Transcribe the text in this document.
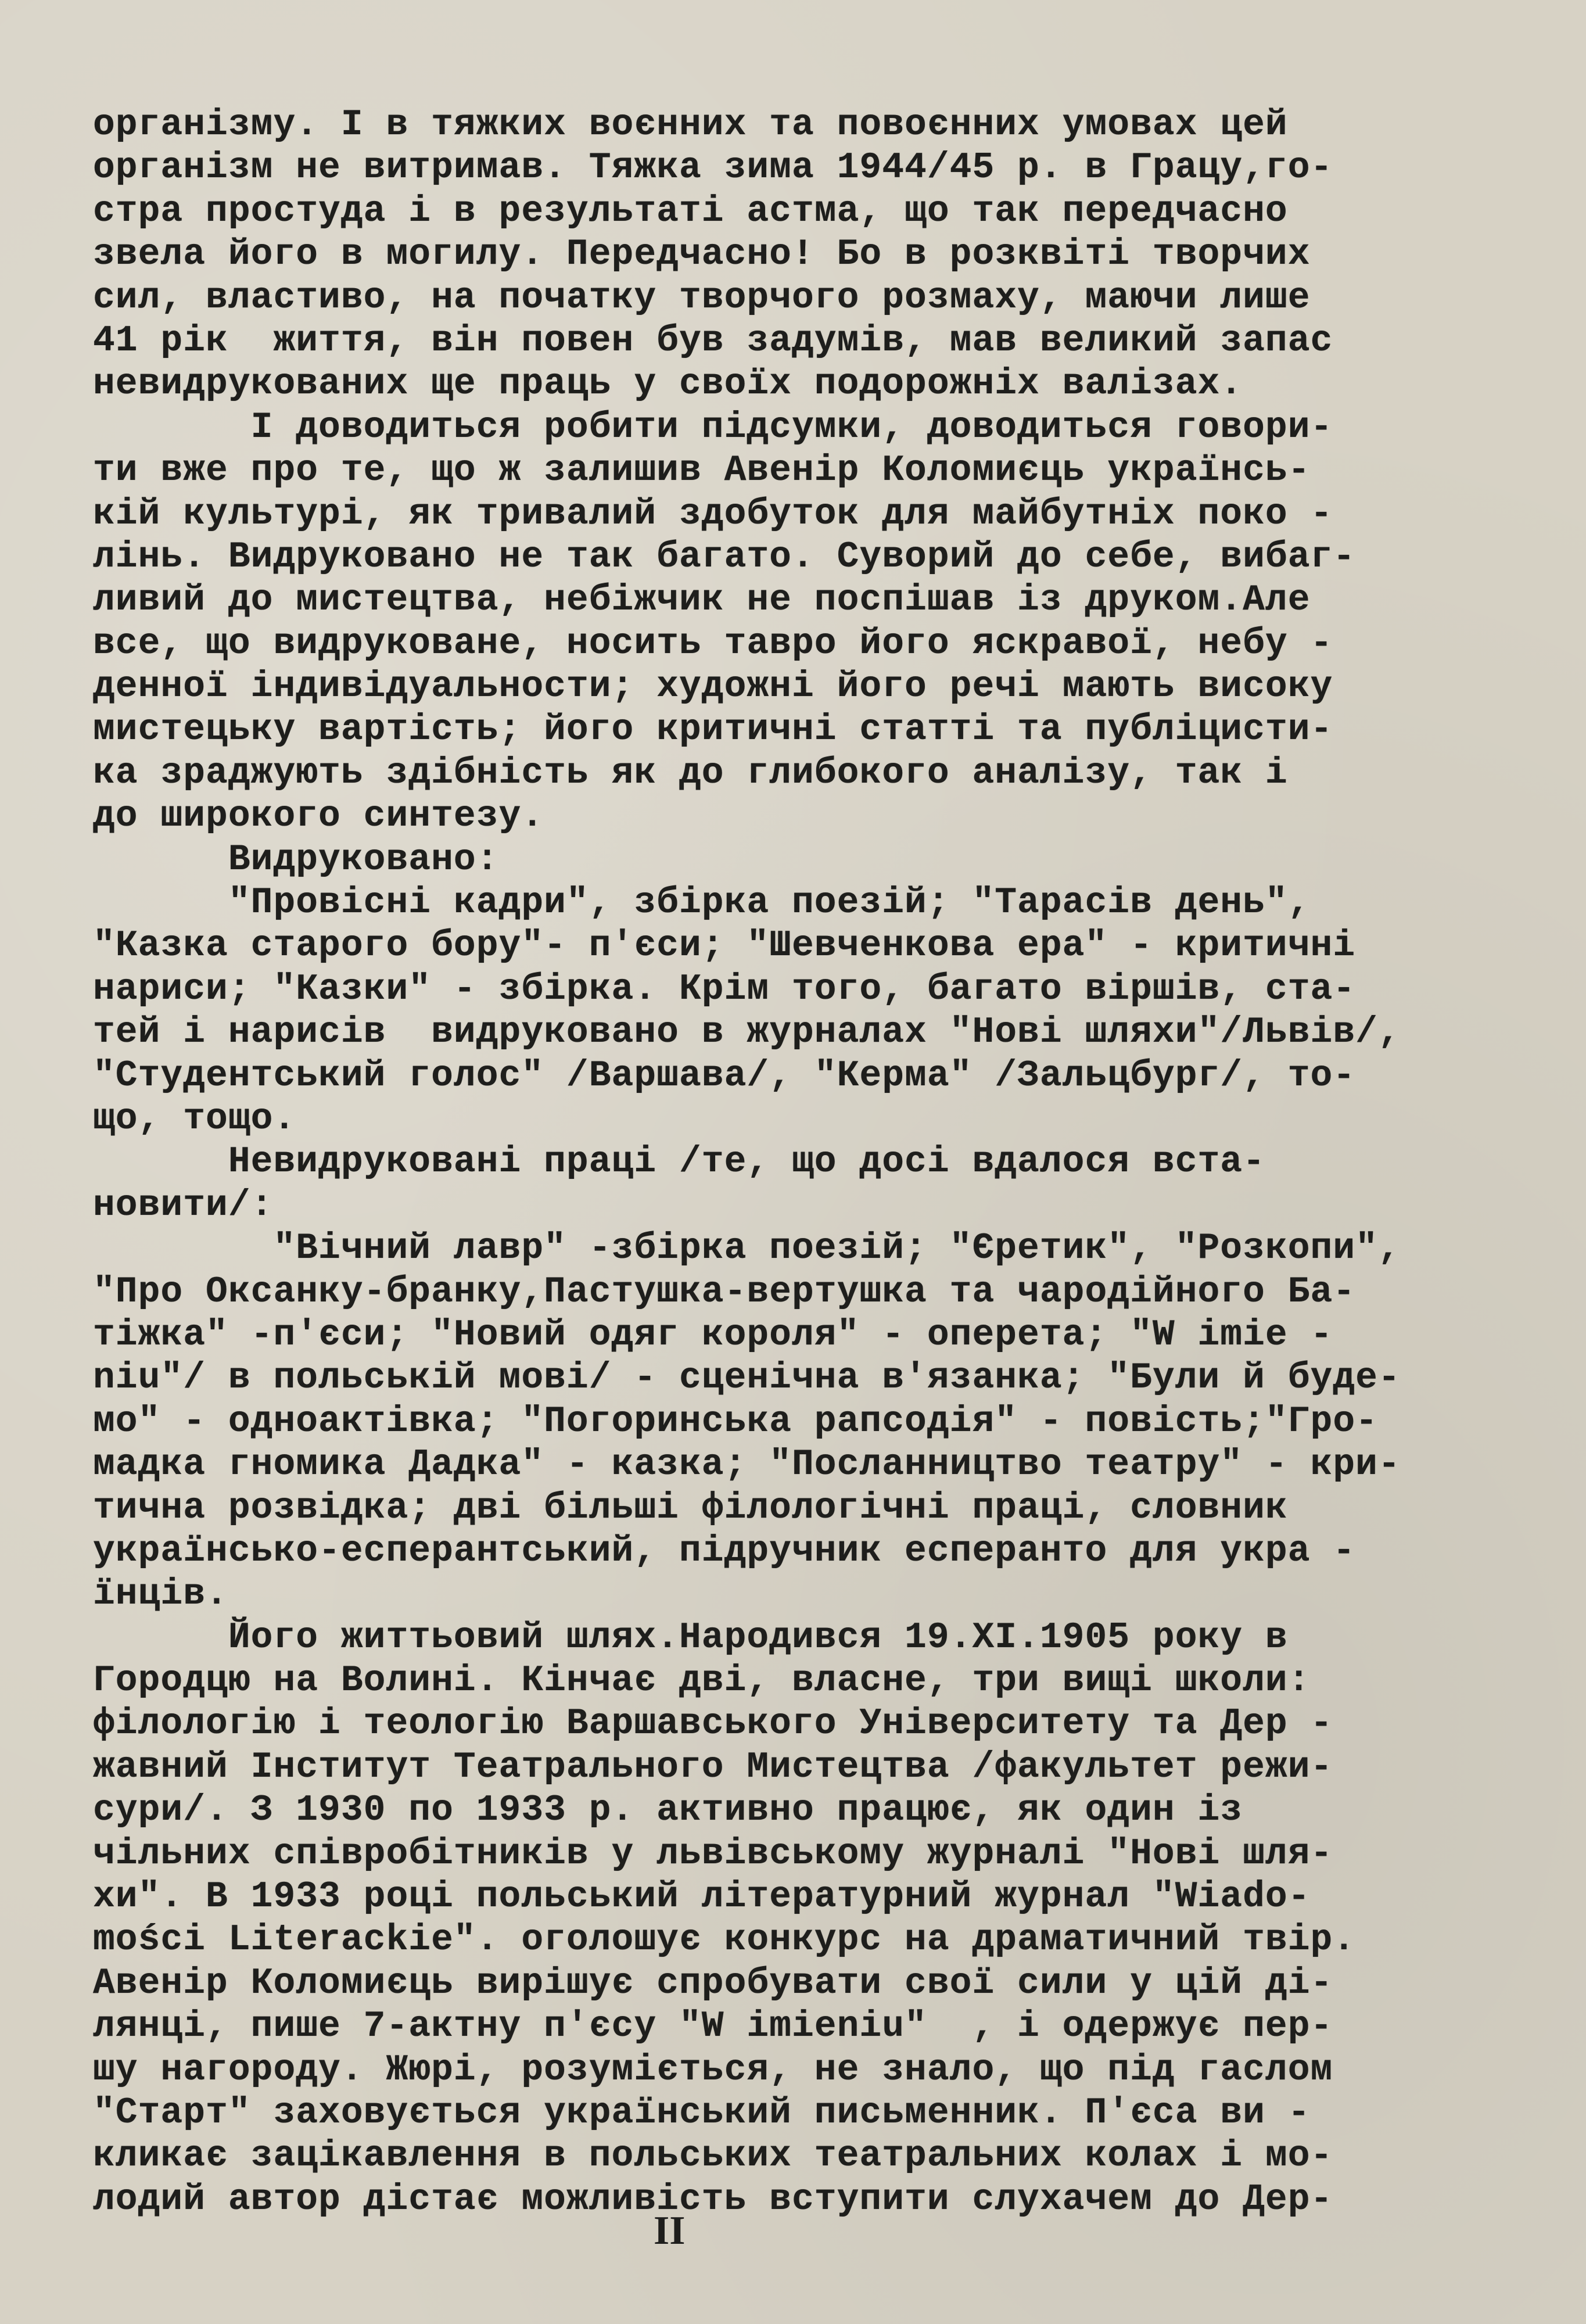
організму. І в тяжких воєнних та повоєнних умовах цей
організм не витримав. Тяжка зима 1944/45 р. в Грацу,го-
стра простуда і в результаті астма, що так передчасно
звела його в могилу. Передчасно! Бо в розквіті творчих
сил, властиво, на початку творчого розмаху, маючи лише
41 рік  життя, він повен був задумів, мав великий запас
невидрукованих ще праць у своїх подорожніх валізах.
І доводиться робити підсумки, доводиться говори-
ти вже про те, що ж залишив Авенір Коломиєць українсь-
кій культурі, як тривалий здобуток для майбутніх поко -
лінь. Видруковано не так багато. Суворий до себе, вибаг-
ливий до мистецтва, небіжчик не поспішав із друком.Але
все, що видруковане, носить тавро його яскравої, небу -
денної індивідуальности; художні його речі мають високу
мистецьку вартість; його критичні статті та публіцисти-
ка зраджують здібність як до глибокого аналізу, так і
до широкого синтезу.
Видруковано:
"Провісні кадри", збірка поезій; "Тарасів день",
"Казка старого бору"- п'єси; "Шевченкова ера" - критичні
нариси; "Казки" - збірка. Крім того, багато віршів, ста-
тей і нарисів  видруковано в журналах "Нові шляхи"/Львів/,
"Студентський голос" /Варшава/, "Керма" /Зальцбург/, то-
що, тощо.
Невидруковані праці /те, що досі вдалося вста-
новити/:
"Вічний лавр" -збірка поезій; "Єретик", "Розкопи",
"Про Оксанку-бранку,Пастушка-вертушка та чародійного Ба-
тіжка" -п'єси; "Новий одяг короля" - оперета; "W imie -
niu"/ в польській мові/ - сценічна в'язанка; "Були й буде-
мо" - одноактівка; "Погоринська рапсодія" - повість;"Гро-
мадка гномика Дадка" - казка; "Посланництво театру" - кри-
тична розвідка; дві більші філологічні праці, словник
українсько-есперантський, підручник есперанто для укра -
їнців.
Його життьовий шлях.Народився 19.XI.1905 року в
Городцю на Волині. Кінчає дві, власне, три вищі школи:
філологію і теологію Варшавського Університету та Дер -
жавний Інститут Театрального Мистецтва /факультет режи-
сури/. З 1930 по 1933 р. активно працює, як один із
чільних співробітників у львівському журналі "Нові шля-
хи". В 1933 році польський літературний журнал "Wiado-
mości Literackie". оголошує конкурс на драматичний твір.
Авенір Коломиєць вирішує спробувати свої сили у цій ді-
лянці, пише 7-актну п'єсу "W imieniu"  , і одержує пер-
шу нагороду. Жюрі, розуміється, не знало, що під гаслом
"Старт" заховується український письменник. П'єса ви -
кликає зацікавлення в польських театральних колах і мо-
лодий автор дістає можливість вступити слухачем до Дер-
II
